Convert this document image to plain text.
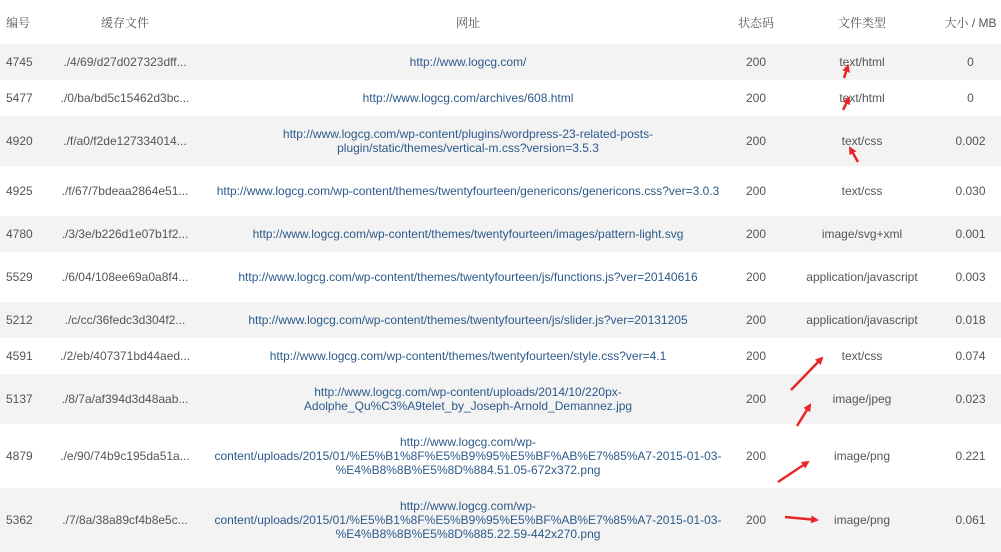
编号	缓存文件	网址	状态码	文件类型	大小 / MB
4745	./4/69/d27d027323dff...	http://www.logcg.com/	200	text/html	0
5477	./0/ba/bd5c15462d3bc...	http://www.logcg.com/archives/608.html	200	text/html	0
4920	./f/a0/f2de127334014...	http://www.logcg.com/wp-content/plugins/wordpress-23-related-posts-plugin/static/themes/vertical-m.css?version=3.5.3	200	text/css	0.002
4925	./f/67/7bdeaa2864e51...	http://www.logcg.com/wp-content/themes/twentyfourteen/genericons/genericons.css?ver=3.0.3	200	text/css	0.030
4780	./3/3e/b226d1e07b1f2...	http://www.logcg.com/wp-content/themes/twentyfourteen/images/pattern-light.svg	200	image/svg+xml	0.001
5529	./6/04/108ee69a0a8f4...	http://www.logcg.com/wp-content/themes/twentyfourteen/js/functions.js?ver=20140616	200	application/javascript	0.003
5212	./c/cc/36fedc3d304f2...	http://www.logcg.com/wp-content/themes/twentyfourteen/js/slider.js?ver=20131205	200	application/javascript	0.018
4591	./2/eb/407371bd44aed...	http://www.logcg.com/wp-content/themes/twentyfourteen/style.css?ver=4.1	200	text/css	0.074
5137	./8/7a/af394d3d48aab...	http://www.logcg.com/wp-content/uploads/2014/10/220px-Adolphe_Qu%C3%A9telet_by_Joseph-Arnold_Demannez.jpg	200	image/jpeg	0.023
4879	./e/90/74b9c195da51a...	http://www.logcg.com/wp-content/uploads/2015/01/%E5%B1%8F%E5%B9%95%E5%BF%AB%E7%85%A7-2015-01-03-%E4%B8%8B%E5%8D%884.51.05-672x372.png	200	image/png	0.221
5362	./7/8a/38a89cf4b8e5c...	http://www.logcg.com/wp-content/uploads/2015/01/%E5%B1%8F%E5%B9%95%E5%BF%AB%E7%85%A7-2015-01-03-%E4%B8%8B%E5%8D%885.22.59-442x270.png	200	image/png	0.061
